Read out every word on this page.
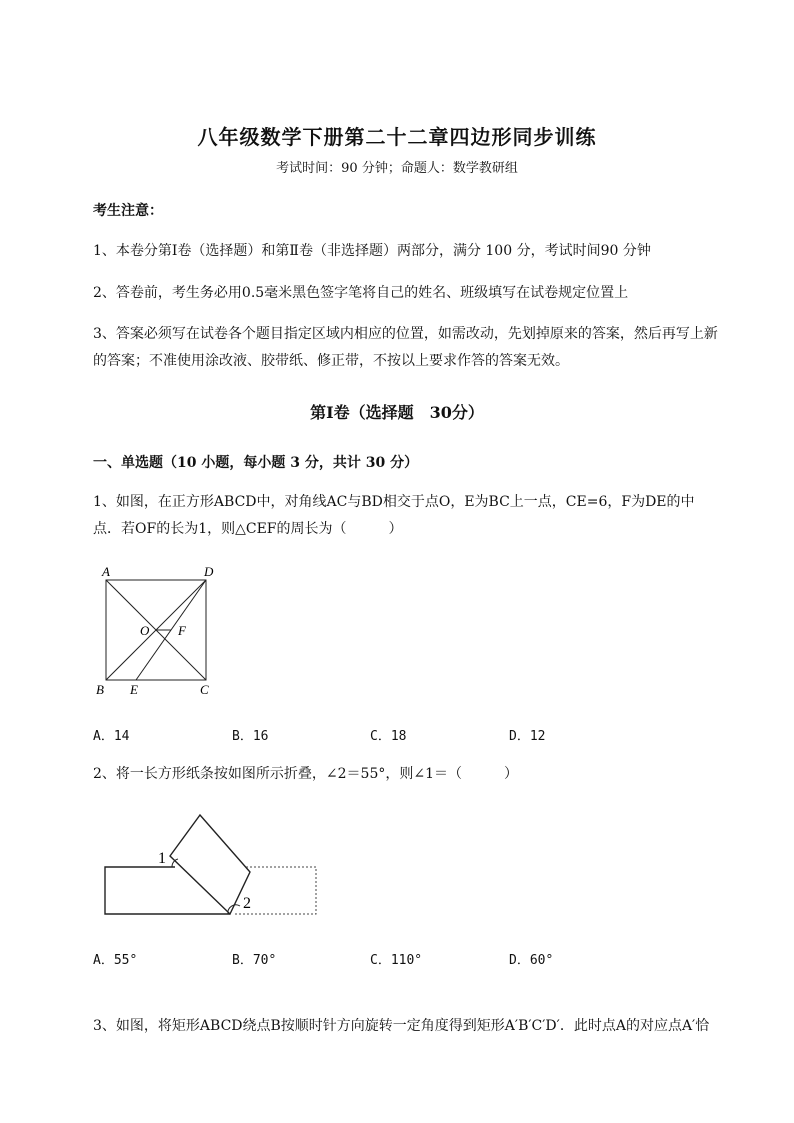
八年级数学下册第二十二章四边形同步训练
考试时间：90 分钟；命题人：数学教研组
考生注意：
1、本卷分第Ⅰ卷（选择题）和第Ⅱ卷（非选择题）两部分，满分 100 分，考试时间90 分钟
2、答卷前，考生务必用0.5毫米黑色签字笔将自己的姓名、班级填写在试卷规定位置上
3、答案必须写在试卷各个题目指定区域内相应的位置，如需改动，先划掉原来的答案，然后再写上新
的答案；不准使用涂改液、胶带纸、修正带，不按以上要求作答的答案无效。
第Ⅰ卷（选择题　30分）
一、单选题（10 小题，每小题 3 分，共计 30 分）
1、如图，在正方形ABCD中，对角线AC与BD相交于点O，E为BC上一点，CE=6，F为DE的中
点．若OF的长为1，则△CEF的周长为（　　　）
A	D
O F
B E	C
A．14	B．16	C．18	D．12
2、将一长方形纸条按如图所示折叠，∠2＝55°，则∠1＝（　　　）
1
2
A．55°	B．70°	C．110°	D．60°
3、如图，将矩形ABCD绕点B按顺时针方向旋转一定角度得到矩形A′B′C′D′．此时点A的对应点A′恰
